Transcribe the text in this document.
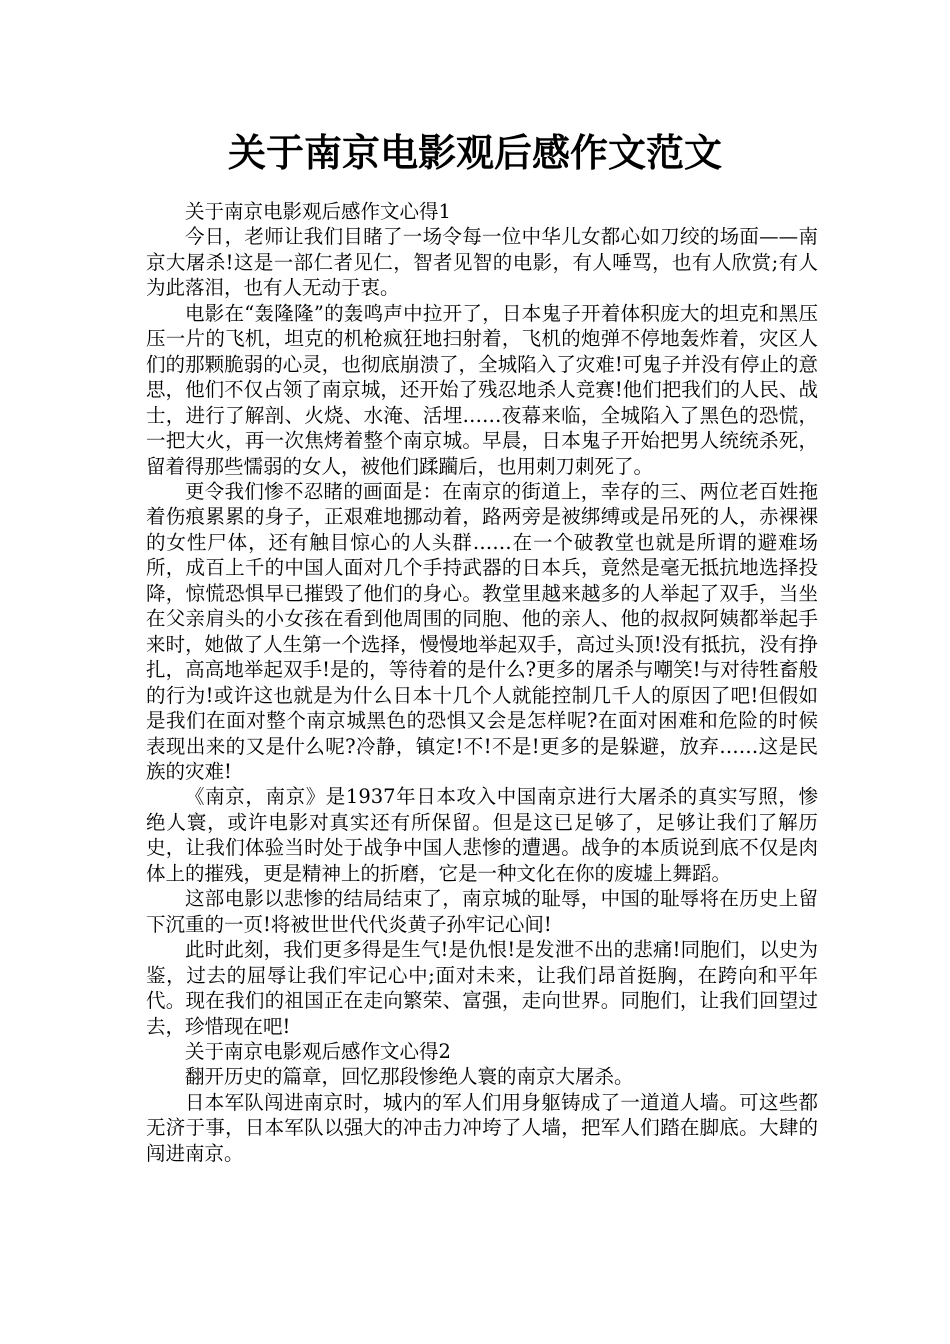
关于南京电影观后感作文范文

关于南京电影观后感作文心得1

今日，老师让我们目睹了一场令每一位中华儿女都心如刀绞的场面——南京大屠杀!这是一部仁者见仁，智者见智的电影，有人唾骂，也有人欣赏;有人为此落泪，也有人无动于衷。

电影在“轰隆隆”的轰鸣声中拉开了，日本鬼子开着体积庞大的坦克和黑压压一片的飞机，坦克的机枪疯狂地扫射着，飞机的炮弹不停地轰炸着，灾区人们的那颗脆弱的心灵，也彻底崩溃了，全城陷入了灾难!可鬼子并没有停止的意思，他们不仅占领了南京城，还开始了残忍地杀人竞赛!他们把我们的人民、战士，进行了解剖、火烧、水淹、活埋……夜幕来临，全城陷入了黑色的恐慌，一把大火，再一次焦烤着整个南京城。早晨，日本鬼子开始把男人统统杀死，留着得那些懦弱的女人，被他们蹂躏后，也用刺刀刺死了。

更令我们惨不忍睹的画面是：在南京的街道上，幸存的三、两位老百姓拖着伤痕累累的身子，正艰难地挪动着，路两旁是被绑缚或是吊死的人，赤裸裸的女性尸体，还有触目惊心的人头群……在一个破教堂也就是所谓的避难场所，成百上千的中国人面对几个手持武器的日本兵，竟然是毫无抵抗地选择投降，惊慌恐惧早已摧毁了他们的身心。教堂里越来越多的人举起了双手，当坐在父亲肩头的小女孩在看到他周围的同胞、他的亲人、他的叔叔阿姨都举起手来时，她做了人生第一个选择，慢慢地举起双手，高过头顶!没有抵抗，没有挣扎，高高地举起双手!是的，等待着的是什么?更多的屠杀与嘲笑!与对待牲畜般的行为!或许这也就是为什么日本十几个人就能控制几千人的原因了吧!但假如是我们在面对整个南京城黑色的恐惧又会是怎样呢?在面对困难和危险的时候表现出来的又是什么呢?冷静，镇定!不!不是!更多的是躲避，放弃……这是民族的灾难!

《南京，南京》是1937年日本攻入中国南京进行大屠杀的真实写照，惨绝人寰，或许电影对真实还有所保留。但是这已足够了，足够让我们了解历史，让我们体验当时处于战争中国人悲惨的遭遇。战争的本质说到底不仅是肉体上的摧残，更是精神上的折磨，它是一种文化在你的废墟上舞蹈。

这部电影以悲惨的结局结束了，南京城的耻辱，中国的耻辱将在历史上留下沉重的一页!将被世世代代炎黄子孙牢记心间!

此时此刻，我们更多得是生气!是仇恨!是发泄不出的悲痛!同胞们，以史为鉴，过去的屈辱让我们牢记心中;面对未来，让我们昂首挺胸，在跨向和平年代。现在我们的祖国正在走向繁荣、富强，走向世界。同胞们，让我们回望过去，珍惜现在吧!

关于南京电影观后感作文心得2

翻开历史的篇章，回忆那段惨绝人寰的南京大屠杀。

日本军队闯进南京时，城内的军人们用身躯铸成了一道道人墙。可这些都无济于事，日本军队以强大的冲击力冲垮了人墙，把军人们踏在脚底。大肆的闯进南京。
